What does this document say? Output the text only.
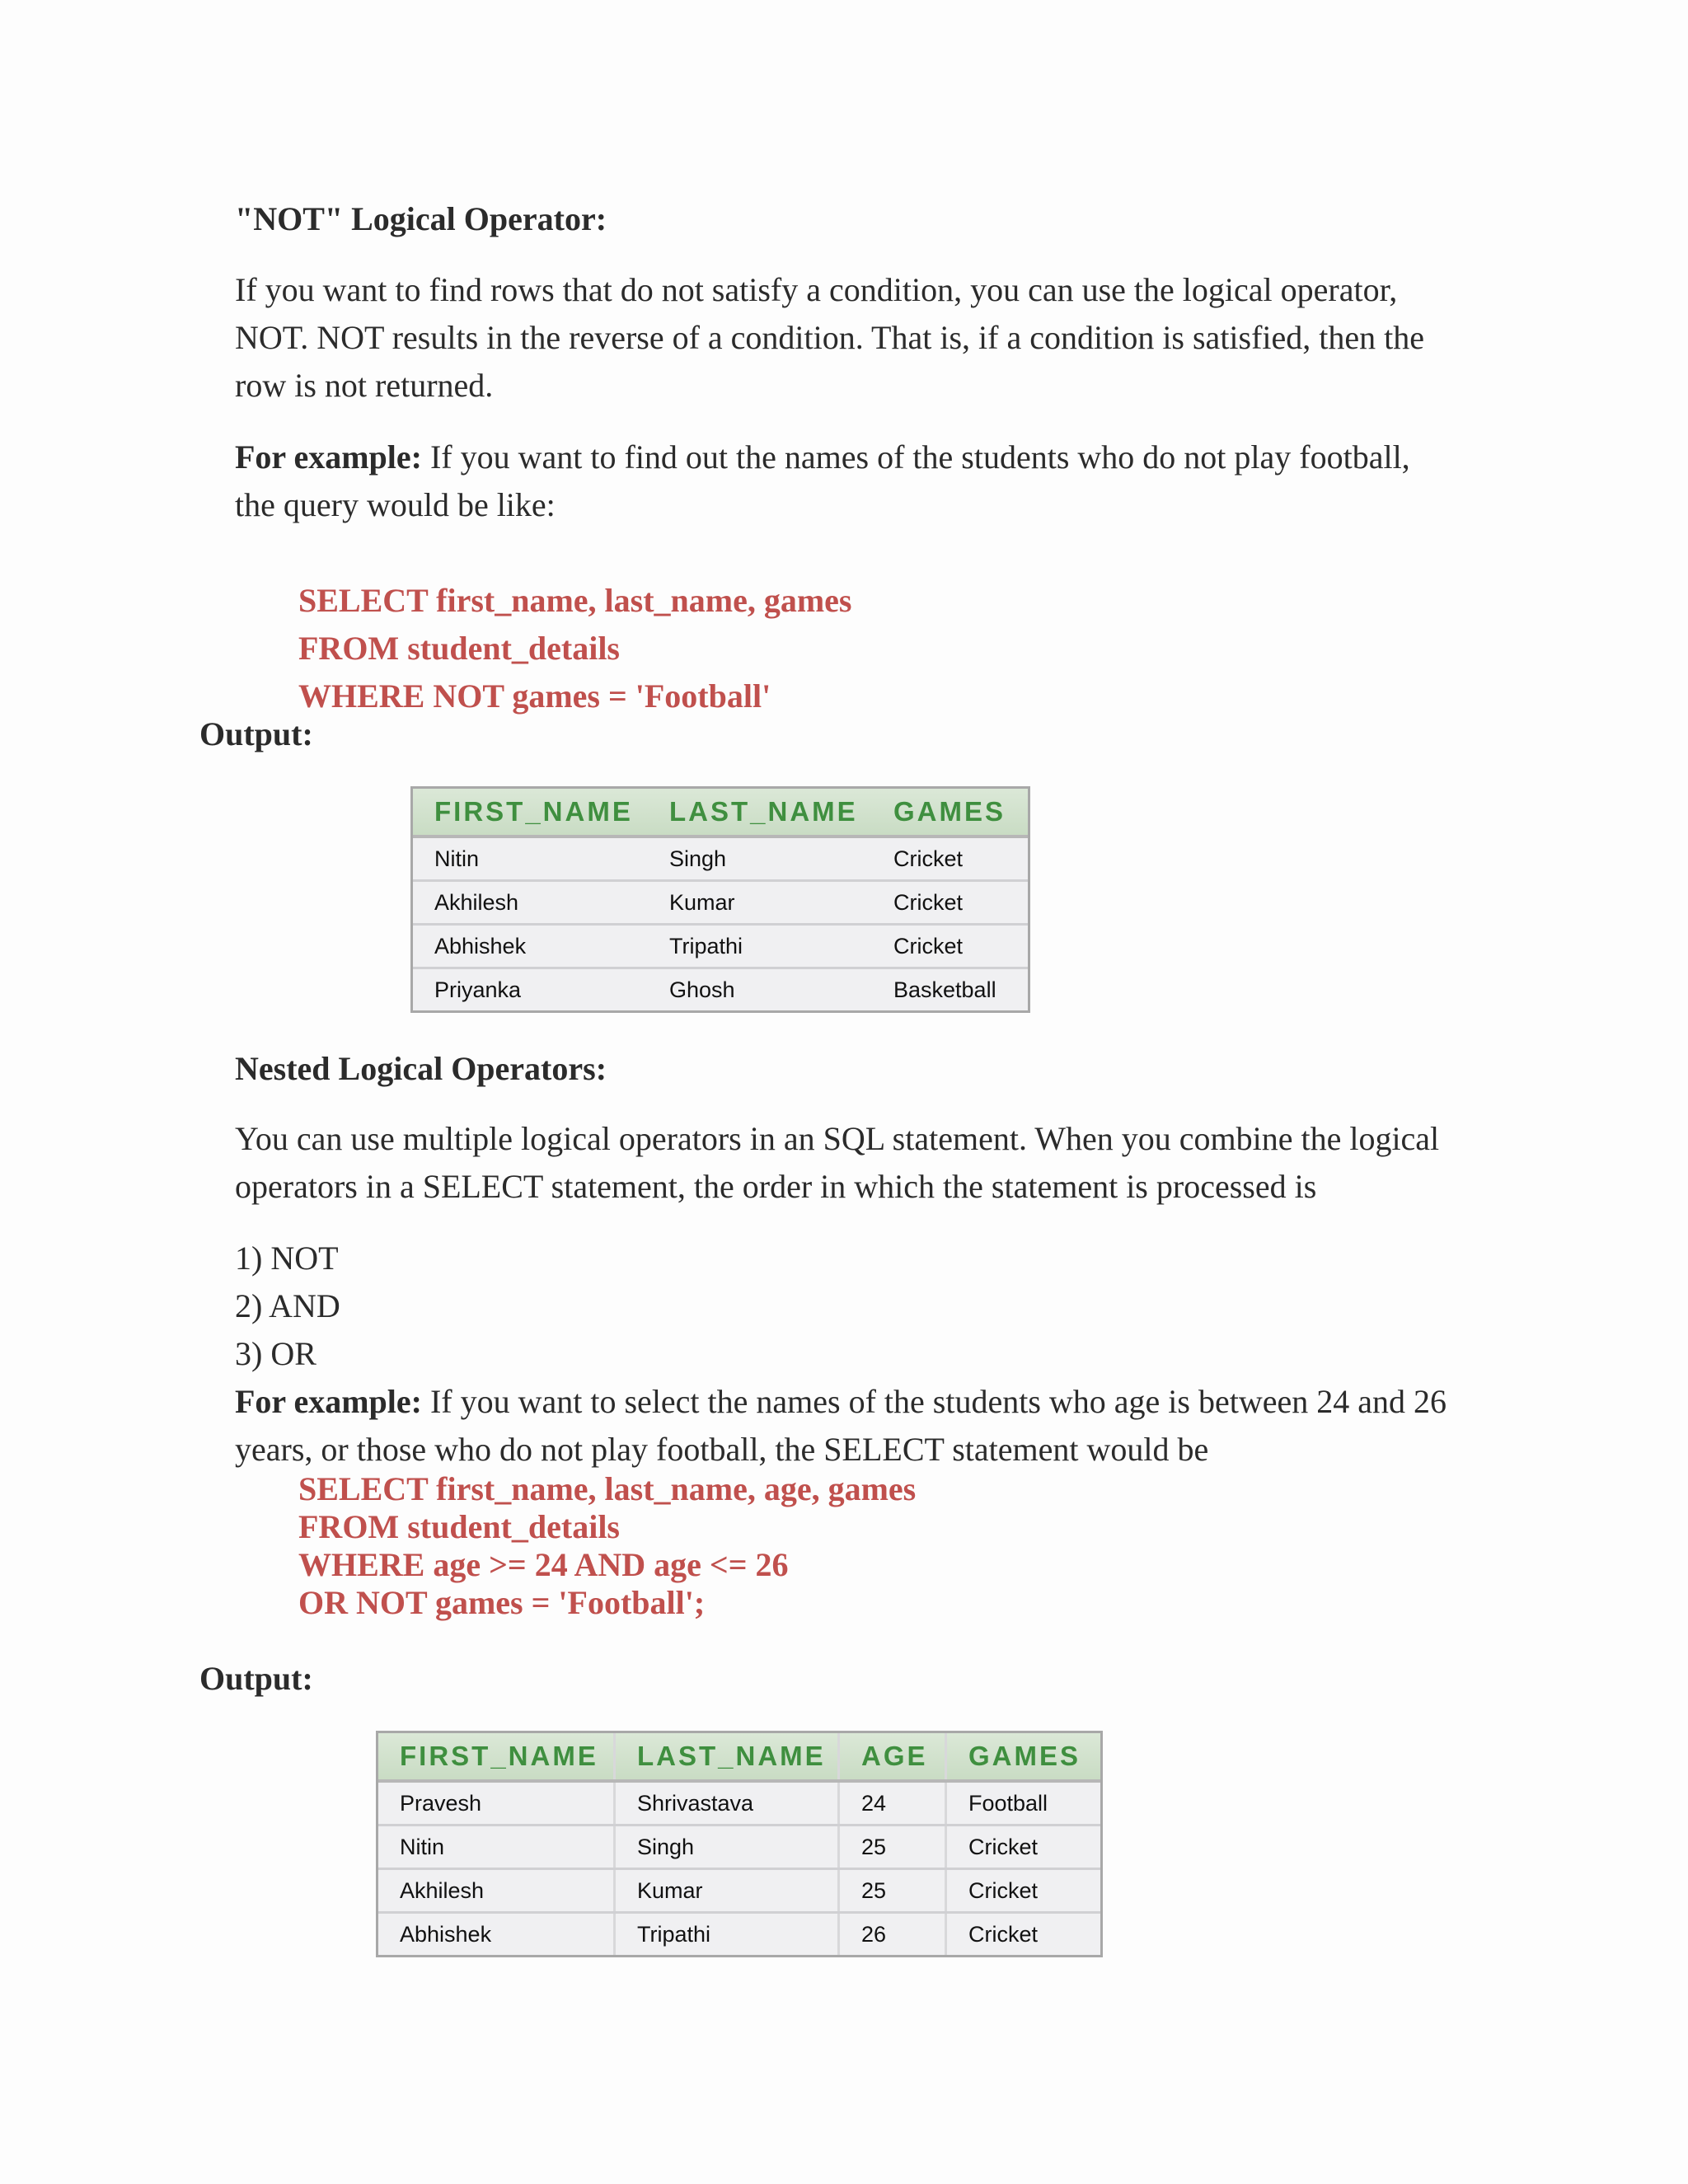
"NOT" Logical Operator:

If you want to find rows that do not satisfy a condition, you can use the logical operator,
NOT. NOT results in the reverse of a condition. That is, if a condition is satisfied, then the
row is not returned.

For example: If you want to find out the names of the students who do not play football,
the query would be like:

SELECT first_name, last_name, games
FROM student_details
WHERE NOT games = 'Football'
Output:
FIRST_NAME	LAST_NAME	GAMES
Nitin	Singh	Cricket
Akhilesh	Kumar	Cricket
Abhishek	Tripathi	Cricket
Priyanka	Ghosh	Basketball
Nested Logical Operators:

You can use multiple logical operators in an SQL statement. When you combine the logical
operators in a SELECT statement, the order in which the statement is processed is

1) NOT
2) AND
3) OR

For example: If you want to select the names of the students who age is between 24 and 26
years, or those who do not play football, the SELECT statement would be

SELECT first_name, last_name, age, games
FROM student_details
WHERE age >= 24 AND age <= 26
OR NOT games = 'Football';
Output:
FIRST_NAME	LAST_NAME	AGE	GAMES
Pravesh	Shrivastava	24	Football
Nitin	Singh	25	Cricket
Akhilesh	Kumar	25	Cricket
Abhishek	Tripathi	26	Cricket
